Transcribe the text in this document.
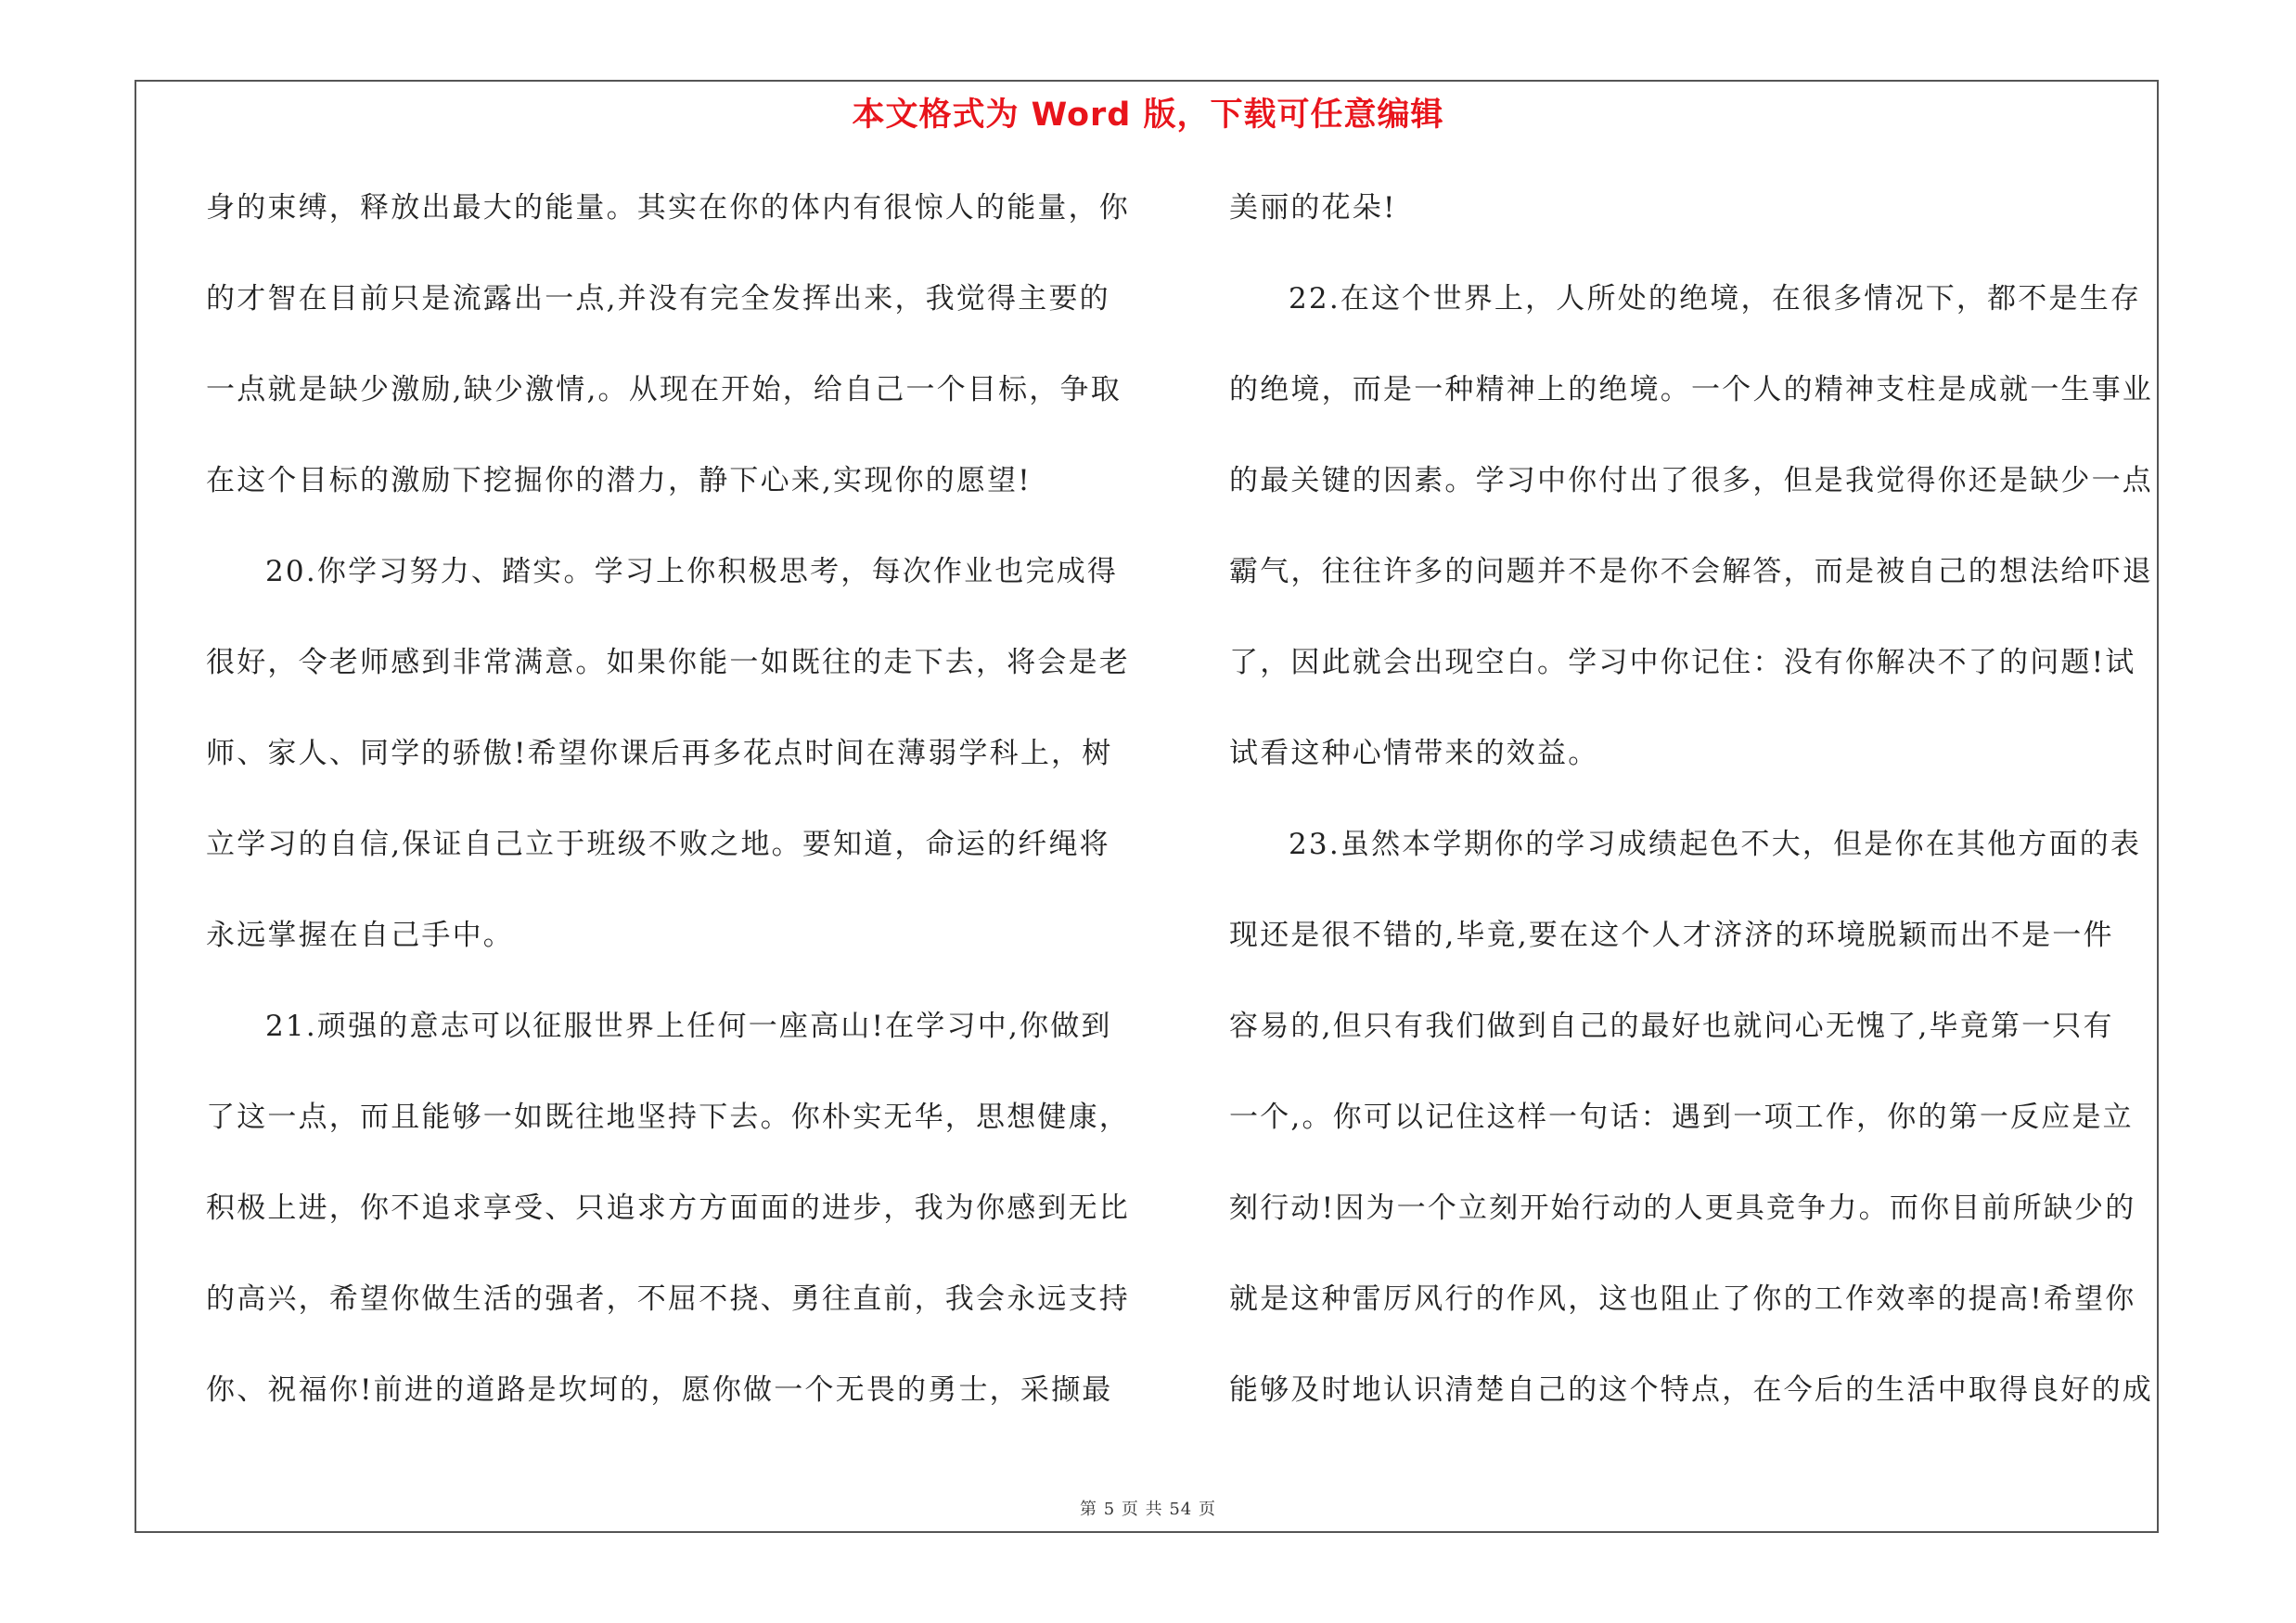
本文格式为 Word 版，下载可任意编辑
身的束缚，释放出最大的能量。其实在你的体内有很惊人的能量，你
的才智在目前只是流露出一点,并没有完全发挥出来，我觉得主要的
一点就是缺少激励,缺少激情,。从现在开始，给自己一个目标，争取
在这个目标的激励下挖掘你的潜力，静下心来,实现你的愿望!
20.你学习努力、踏实。学习上你积极思考，每次作业也完成得
很好，令老师感到非常满意。如果你能一如既往的走下去，将会是老
师、家人、同学的骄傲!希望你课后再多花点时间在薄弱学科上，树
立学习的自信,保证自己立于班级不败之地。要知道，命运的纤绳将
永远掌握在自己手中。
21.顽强的意志可以征服世界上任何一座高山!在学习中,你做到
了这一点，而且能够一如既往地坚持下去。你朴实无华，思想健康，
积极上进，你不追求享受、只追求方方面面的进步，我为你感到无比
的高兴，希望你做生活的强者，不屈不挠、勇往直前，我会永远支持
你、祝福你!前进的道路是坎坷的，愿你做一个无畏的勇士，采撷最
美丽的花朵!
22.在这个世界上，人所处的绝境，在很多情况下，都不是生存
的绝境，而是一种精神上的绝境。一个人的精神支柱是成就一生事业
的最关键的因素。学习中你付出了很多，但是我觉得你还是缺少一点
霸气，往往许多的问题并不是你不会解答，而是被自己的想法给吓退
了，因此就会出现空白。学习中你记住：没有你解决不了的问题!试
试看这种心情带来的效益。
23.虽然本学期你的学习成绩起色不大，但是你在其他方面的表
现还是很不错的,毕竟,要在这个人才济济的环境脱颖而出不是一件
容易的,但只有我们做到自己的最好也就问心无愧了,毕竟第一只有
一个,。你可以记住这样一句话：遇到一项工作，你的第一反应是立
刻行动!因为一个立刻开始行动的人更具竞争力。而你目前所缺少的
就是这种雷厉风行的作风，这也阻止了你的工作效率的提高!希望你
能够及时地认识清楚自己的这个特点，在今后的生活中取得良好的成
第 5 页 共 54 页
